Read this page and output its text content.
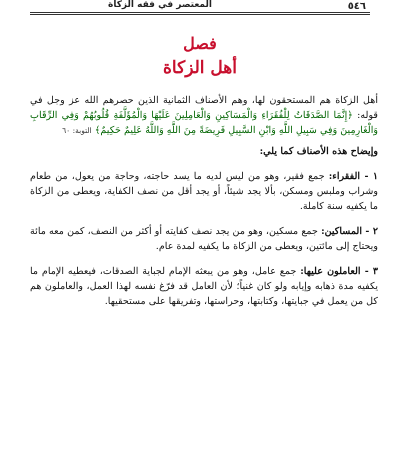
٥٤٦
المعتصر في فقه الزكاة
فصل
أهل الزكاة

أهل الزكاة هم المستحقون لها، وهم الأصناف الثمانية الذين حصرهم الله عز وجل في قوله: ﴿إِنَّمَا الصَّدَقَاتُ لِلْفُقَرَاءِ وَالْمَسَاكِينِ وَالْعَامِلِينَ عَلَيْهَا وَالْمُؤَلَّفَةِ قُلُوبُهُمْ وَفِي الرِّقَابِ وَالْغَارِمِينَ وَفِي سَبِيلِ اللَّهِ وَابْنِ السَّبِيلِ فَرِيضَةً مِنَ اللَّهِ وَاللَّهُ عَلِيمٌ حَكِيمٌ﴾ التوبة: ٦٠

وإيضاح هذه الأصناف كما يلي:

١ - الفقراء: جمع فقير، وهو من ليس لديه ما يسد حاجته، وحاجة من يعول، من طعام وشراب وملبس ومسكن، بألا يجد شيئاً، أو يجد أقل من نصف الكفاية، ويعطى من الزكاة ما يكفيه سنة كاملة.

٢ - المساكين: جمع مسكين، وهو من يجد نصف كفايته أو أكثر من النصف، كمن معه مائة ويحتاج إلى مائتين، ويعطى من الزكاة ما يكفيه لمدة عام.

٣ - العاملون عليها: جمع عامل، وهو من يبعثه الإمام لجباية الصدقات، فيعطيه الإمام ما يكفيه مدة ذهابه وإيابه ولو كان غنياً؛ لأن العامل قد فرّغ نفسه لهذا العمل، والعاملون هم كل من يعمل في جبايتها، وكتابتها، وحراستها، وتفريقها على مستحقيها.
